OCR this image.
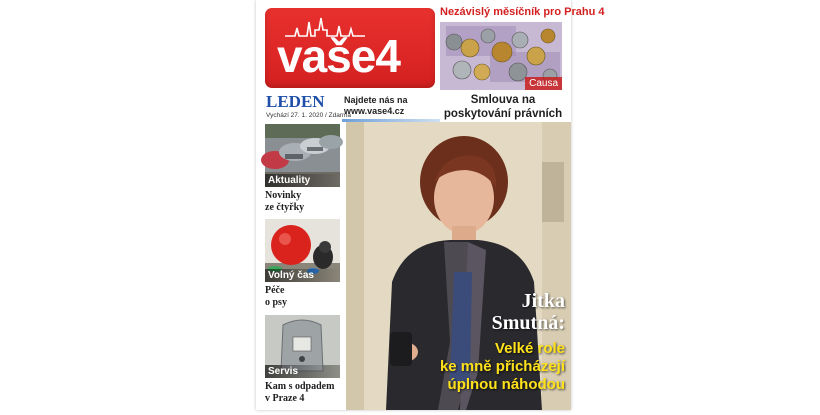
vaše4
Nezávislý měsíčník pro Prahu 4
Causa
Smlouva na poskytování právních
LEDEN
Vychází 27. 1. 2020 / Zdarma
Najdete nás na
www.vase4.cz
Aktuality
Novinky
ze čtyřky
Volný čas
Péče
o psy
Servis
Kam s odpadem
v Praze 4
Jitka
Smutná:
Velké role
ke mně přicházejí
úplnou náhodou
